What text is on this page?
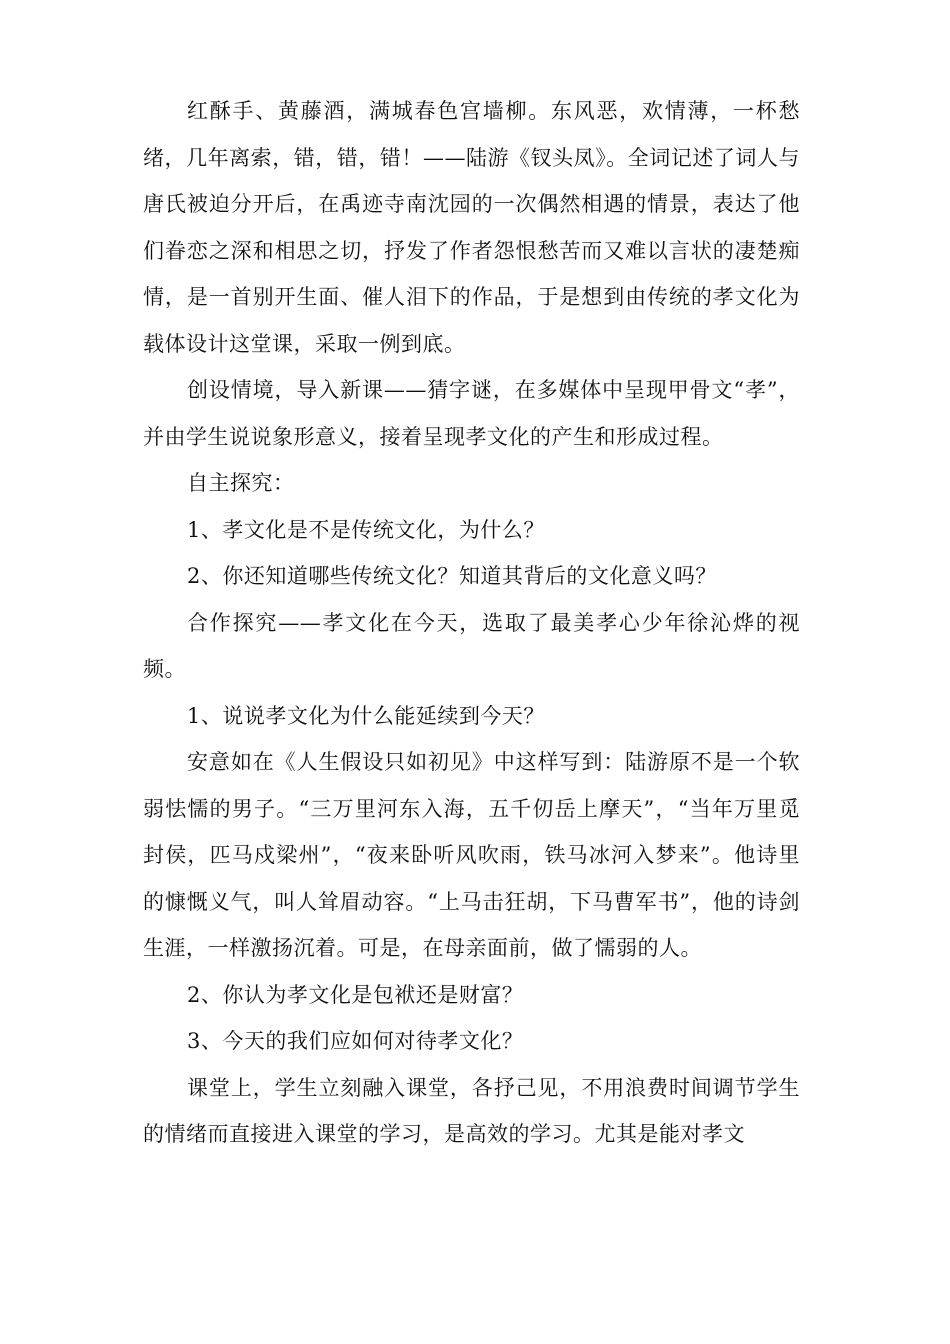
红酥手、黄藤酒，满城春色宫墙柳。东风恶，欢情薄，一杯愁绪，几年离索，错，错，错！——陆游《钗头凤》。全词记述了词人与唐氏被迫分开后，在禹迹寺南沈园的一次偶然相遇的情景，表达了他们眷恋之深和相思之切，抒发了作者怨恨愁苦而又难以言状的凄楚痴情，是一首别开生面、催人泪下的作品，于是想到由传统的孝文化为载体设计这堂课，采取一例到底。

创设情境，导入新课——猜字谜，在多媒体中呈现甲骨文“孝”，并由学生说说象形意义，接着呈现孝文化的产生和形成过程。

自主探究：

1、孝文化是不是传统文化，为什么？

2、你还知道哪些传统文化？知道其背后的文化意义吗？

合作探究——孝文化在今天，选取了最美孝心少年徐沁烨的视频。

1、说说孝文化为什么能延续到今天？

安意如在《人生假设只如初见》中这样写到：陆游原不是一个软弱怯懦的男子。“三万里河东入海，五千仞岳上摩天”，“当年万里觅封侯，匹马戍梁州”，“夜来卧听风吹雨，铁马冰河入梦来”。他诗里的慷慨义气，叫人耸眉动容。“上马击狂胡，下马曹军书”，他的诗剑生涯，一样激扬沉着。可是，在母亲面前，做了懦弱的人。

2、你认为孝文化是包袱还是财富？

3、今天的我们应如何对待孝文化？

课堂上，学生立刻融入课堂，各抒己见，不用浪费时间调节学生的情绪而直接进入课堂的学习，是高效的学习。尤其是能对孝文
